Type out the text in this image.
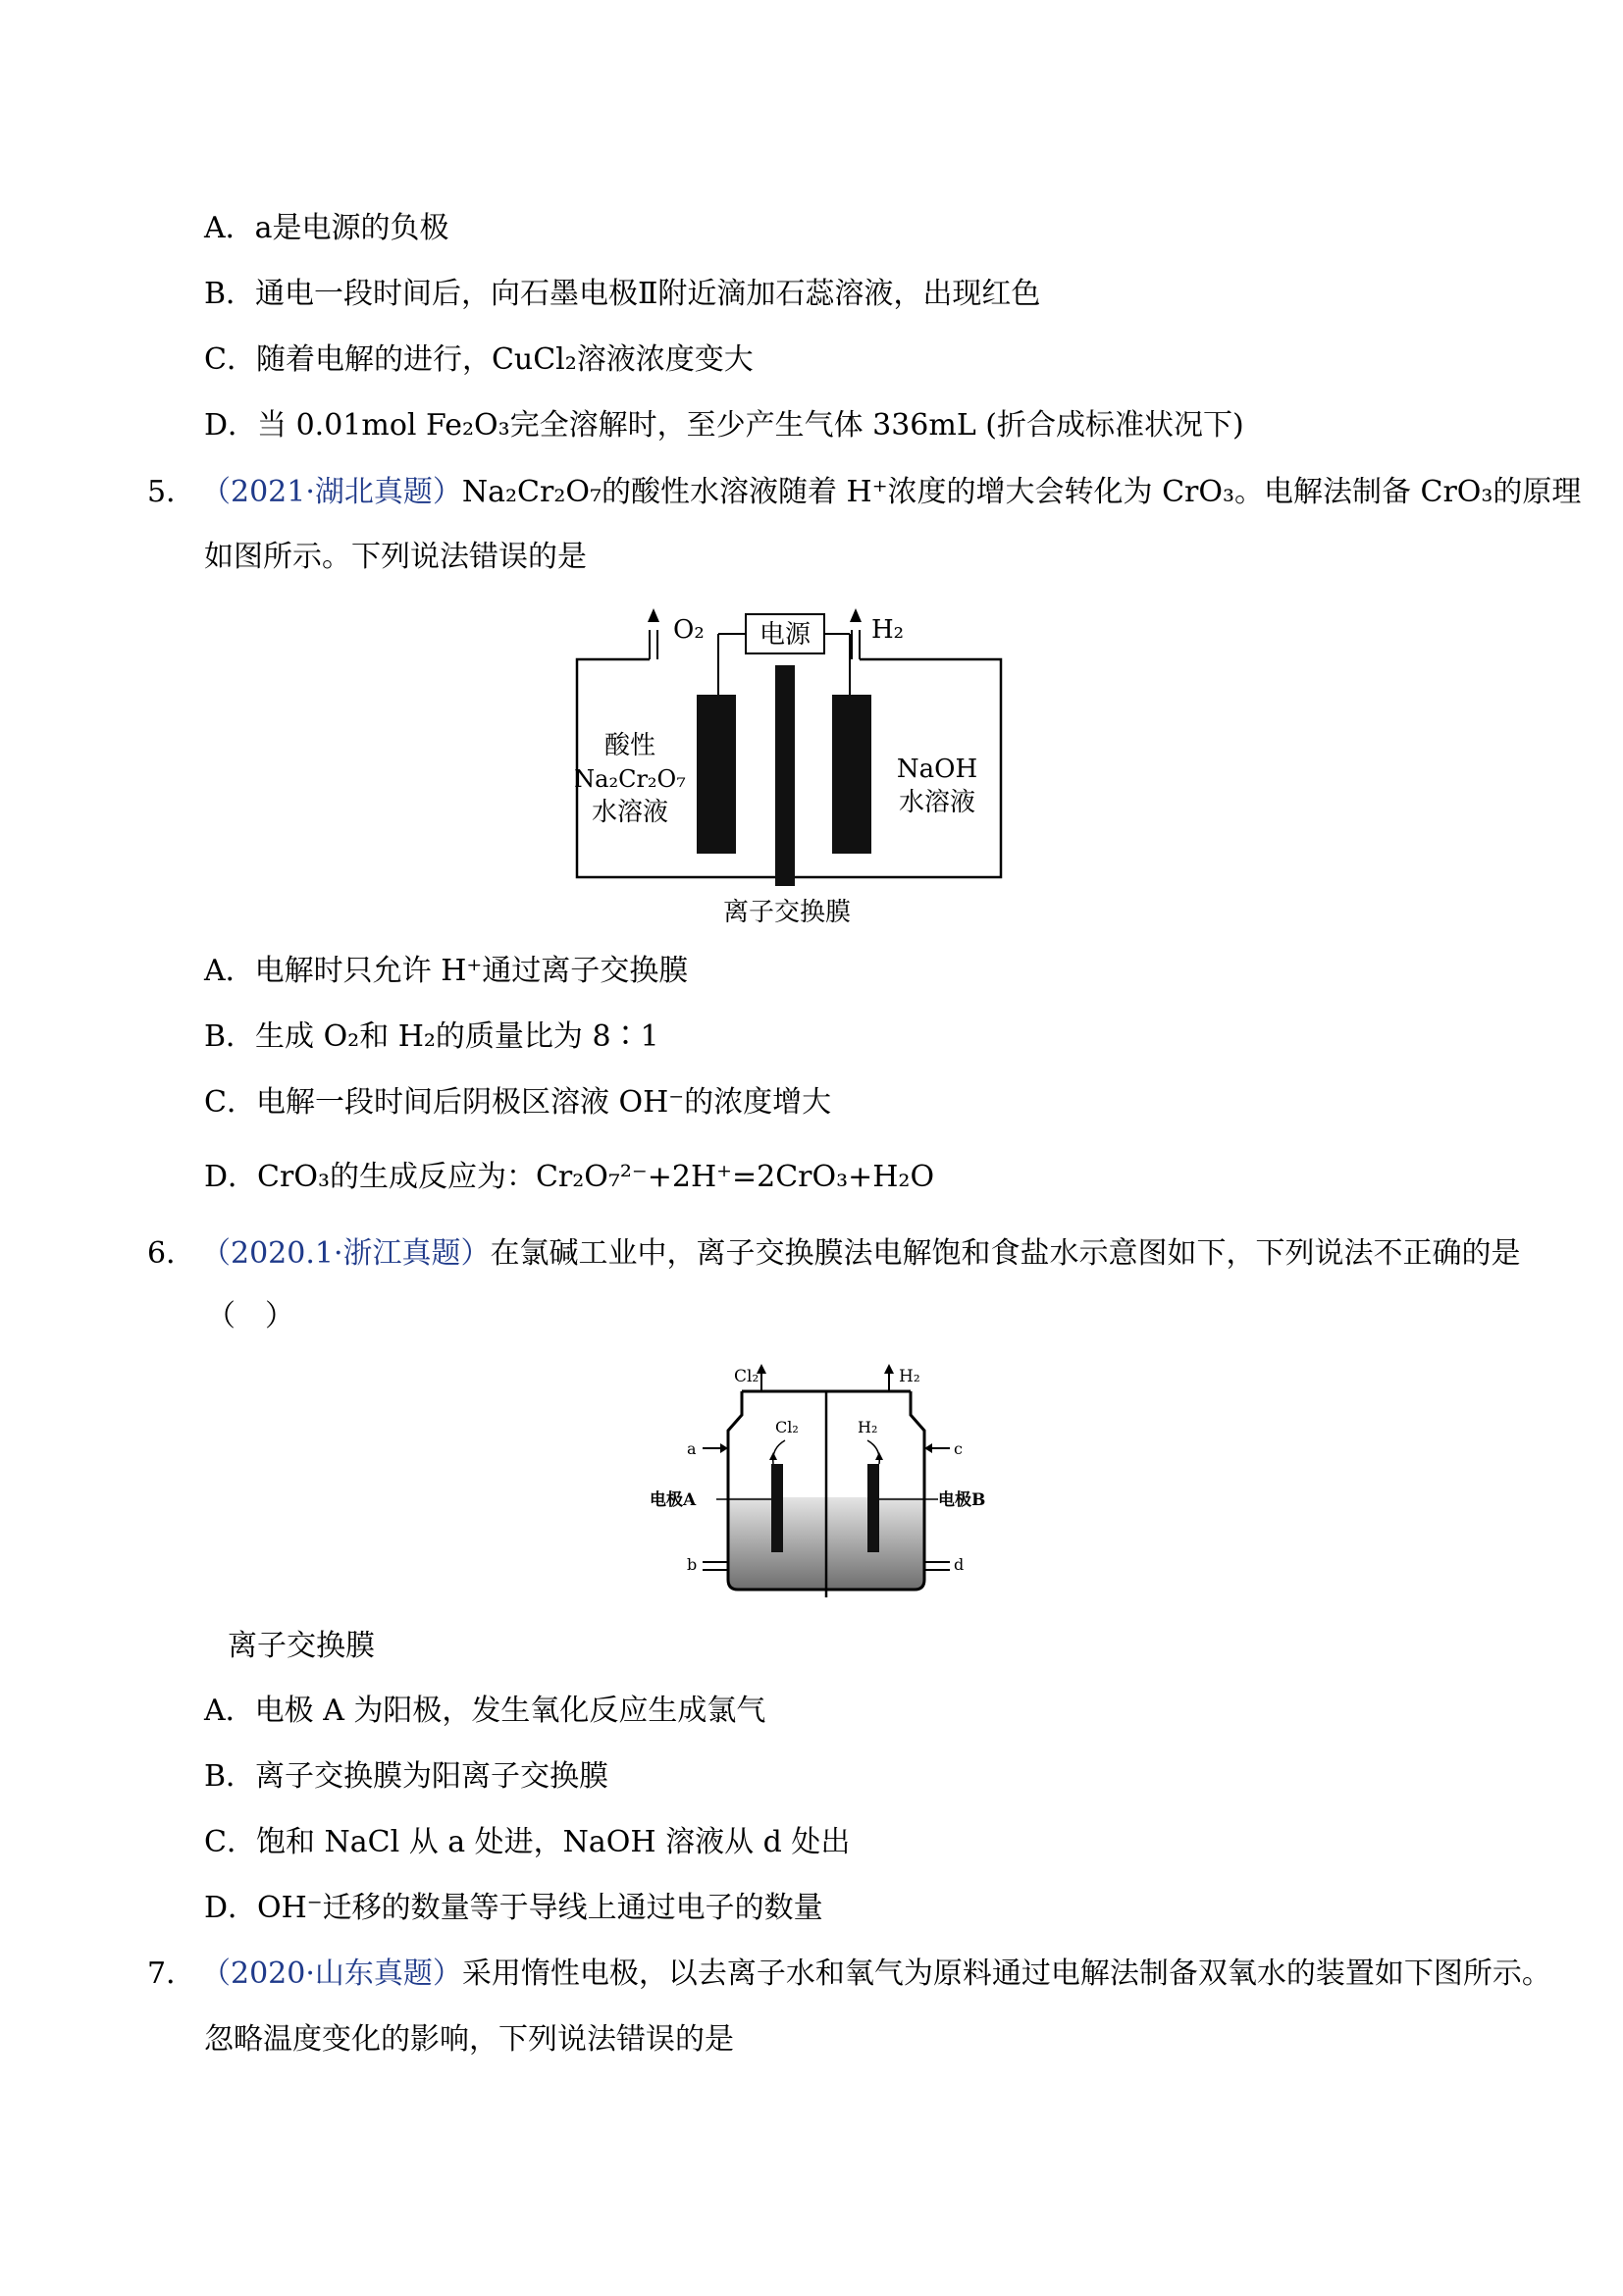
A．a是电源的负极
B．通电一段时间后，向石墨电极Ⅱ附近滴加石蕊溶液，出现红色
C．随着电解的进行，CuCl₂溶液浓度变大
D．当 0.01mol Fe₂O₃完全溶解时，至少产生气体 336mL (折合成标准状况下)
5． （2021·湖北真题）Na₂Cr₂O₇的酸性水溶液随着 H⁺浓度的增大会转化为 CrO₃。电解法制备 CrO₃的原理
如图所示。下列说法错误的是
O₂	H₂
电源
酸性
Na₂Cr₂O₇
水溶液
NaOH
水溶液
离子交换膜
A．电解时只允许 H⁺通过离子交换膜
B．生成 O₂和 H₂的质量比为 8∶1
C．电解一段时间后阴极区溶液 OH⁻的浓度增大
D．CrO₃的生成反应为：Cr₂O₇²⁻+2H⁺=2CrO₃+H₂O
6． （2020.1·浙江真题）在氯碱工业中，离子交换膜法电解饱和食盐水示意图如下，下列说法不正确的是
（　）
Cl₂	H₂
Cl₂	H₂
电极A	电极B
a	c
b	d
离子交换膜
A．电极 A 为阳极，发生氧化反应生成氯气
B．离子交换膜为阳离子交换膜
C．饱和 NaCl 从 a 处进，NaOH 溶液从 d 处出
D．OH⁻迁移的数量等于导线上通过电子的数量
7． （2020·山东真题）采用惰性电极，以去离子水和氧气为原料通过电解法制备双氧水的装置如下图所示。
忽略温度变化的影响，下列说法错误的是
